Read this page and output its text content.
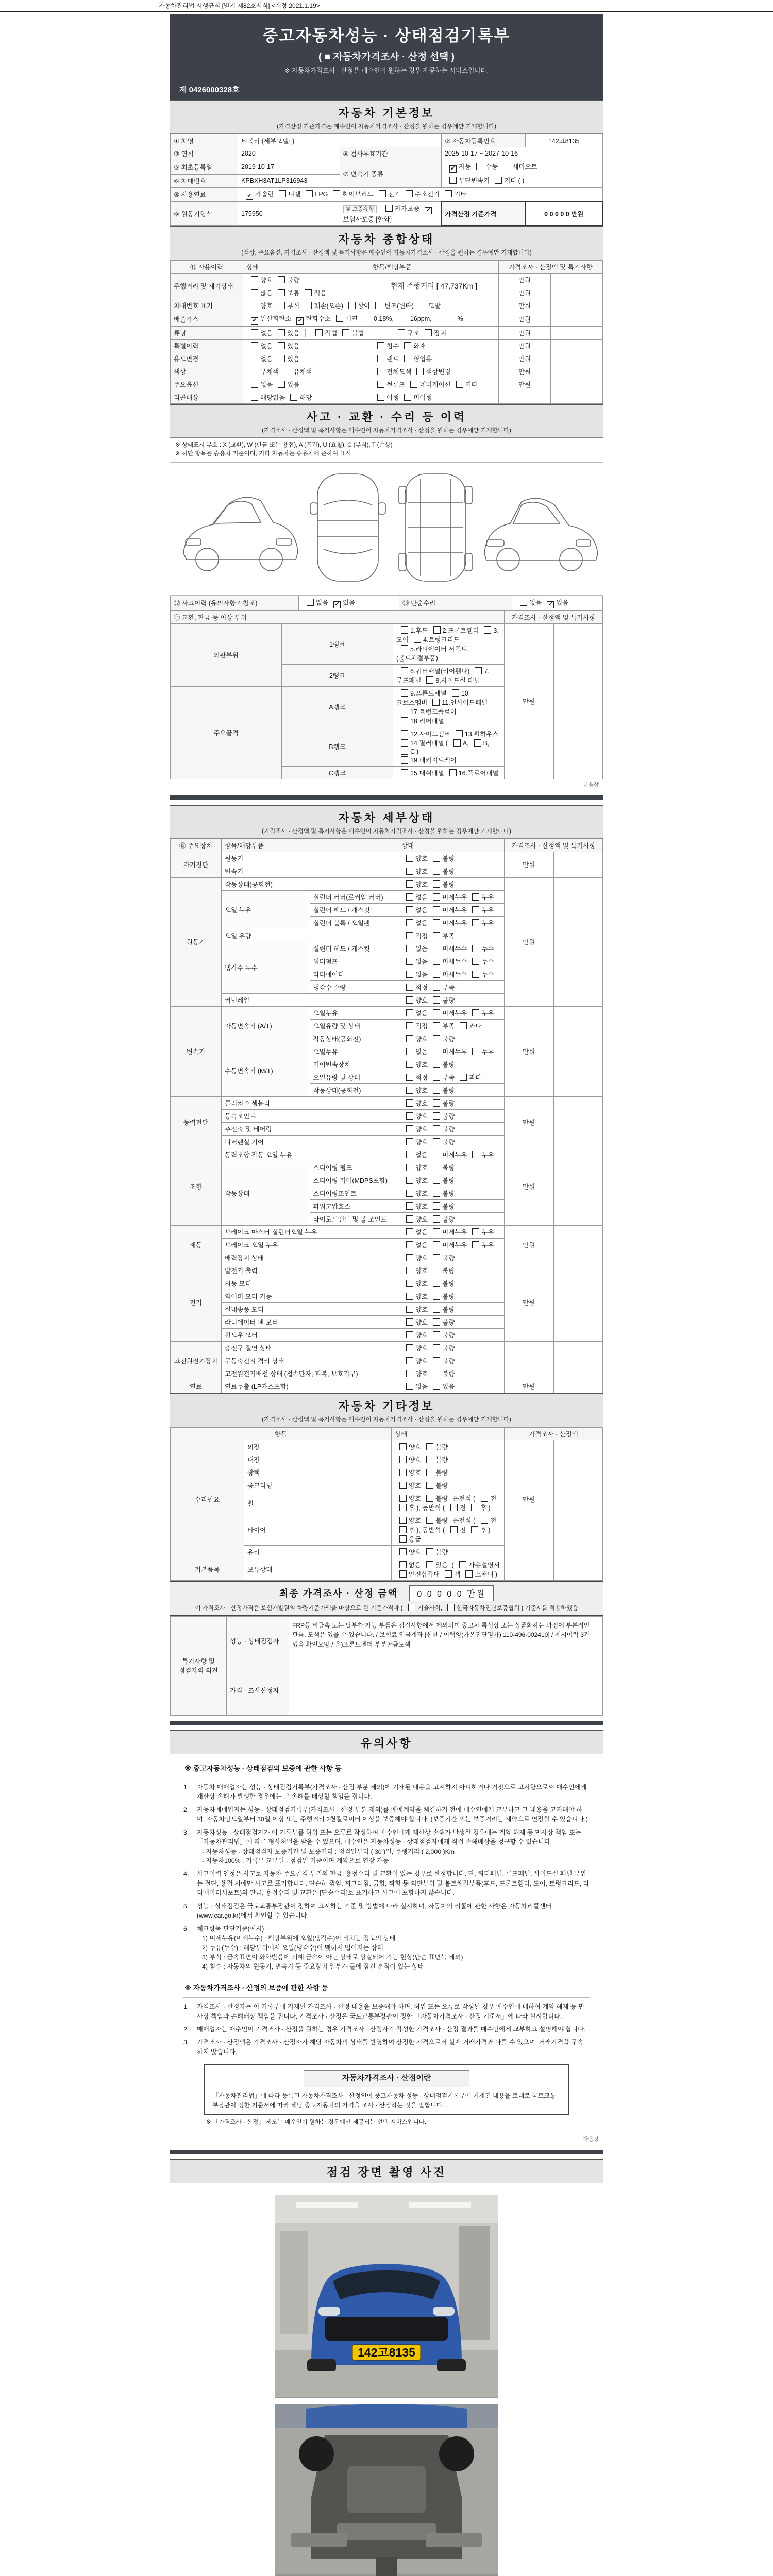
자동차관리법 시행규칙 [별지 제82호서식] <개정 2021.1.19>
중고자동차성능 · 상태점검기록부
( ■ 자동차가격조사 · 산정 선택 )
※ 자동차가격조사 · 산정은 매수인이 원하는 경우 제공하는 서비스입니다.
제 0426000328호
자동차 기본정보
(가격산정 기준가격은 매수인이 자동차가격조사 · 산정을 원하는 경우에만 기재합니다)
① 차명	티볼리 (세부모델: )		② 자동차등록번호	142고8135
③ 연식	2020	④ 검사유효기간	2025-10-17 ~ 2027-10-16	
⑤ 최초등록일	2019-10-17	⑦ 변속기 종류	✔ 자동 수동 세미오토	
⑥ 차대번호	KPBXH3AT1LP316943		무단변속기 기타 ( )	
⑧ 사용연료	✔ 가솔린 디젤 LPG 하이브리드 전기 수소전기 기타			
⑨ 원동기형식	175950	⑩ 보증유형 자가보증 ✔보험사보증 [한화]	가격산정 기준가격	0 0 0 0 0 만원
자동차 종합상태
(색상, 주요옵션, 가격조사 · 산정액 및 특기사항은 매수인이 자동차가격조사 · 산정을 원하는 경우에만 기재합니다)
⑪ 사용이력	상태	항목/해당부품	가격조사 · 산정액 및 특기사항	
주행거리 및 계기상태	양호 불량	현재 주행거리 [ 47,737Km ]	만원	
	많음 보통 적음		만원	
차대번호 표기	양호 부식 훼손(오손) 상이 변조(변타) 도말		만원	
배출가스	✔ 일산화탄소 ✔ 탄화수소 매연	0.18%, 16ppm, %	만원	
튜닝	없음 있음 적법 불법	구조 장치	만원	
특별이력	없음 있음	침수 화재	만원	
용도변경	없음 있음	렌트 영업용	만원	
색상	무채색 유채색	전체도색 색상변경	만원	
주요옵션	없음 있음	썬루프 네비게이션 기타	만원	
리콜대상	해당없음 해당	이행 미이행		
사고 · 교환 · 수리 등 이력
(가격조사 · 산정액 및 특기사항은 매수인이 자동차가격조사 · 산정을 원하는 경우에만 기재합니다)
※ 상태표시 부호 : X (교환), W (판금 또는 용접), A (흠집), U (요철), C (부식), T (손상)
※ 하단 항목은 승용차 기준이며, 기타 자동차는 승용차에 준하여 표시
⑫ 사고이력 (유의사항 4.참조)	없음 ✔ 있음	⑬ 단순수리	없음 ✔ 있음
⑭ 교환, 판금 등 이상 부위			가격조사 · 산정액 및 특기사항	
외판부위	1랭크	1.후드 2.프론트휀더 3.도어 4.트렁크리드
5.라디에이터 서포트(볼트체결부품)	만원	
	2랭크	6.쿼터패널(리어휀다) 7.루프패널 8.사이드실 패널		
주요골격	A랭크	9.프론트패널 10.크로스멤버 11.인사이드패널17.트렁크플로어
18.리어패널		
	B랭크	12.사이드멤버 13.휠하우스14.필러패널 ( A, B,C )
19.패키지트레이		
	C랭크	15.대쉬패널 16.플로어패널		
다음장
자동차 세부상태
(가격조사 · 산정액 및 특기사항은 매수인이 자동차가격조사 · 산정을 원하는 경우에만 기재합니다)
⑮ 주요장치	항목/해당부품		상태	가격조사 · 산정액 및 특기사항	
자기진단	원동기		양호 불량	만원	
	변속기		양호 불량		
원동기	작동상태(공회전)		양호 불량	만원	
	오일 누유	실린더 커버(로커암 커버)	없음 미세누유 누유		
		실린더 헤드 / 개스킷	없음 미세누유 누유		
		실린더 블록 / 오일팬	없음 미세누유 누유		
	오일 유량		적정 부족		
	냉각수 누수	실린더 헤드 / 개스킷	없음 미세누수 누수		
		워터펌프	없음 미세누수 누수		
		라디에이터	없음 미세누수 누수		
		냉각수 수량	적정 부족		
	커먼레일		양호 불량		
변속기	자동변속기 (A/T)	오일누유	없음 미세누유 누유	만원	
		오일유량 및 상태	적정 부족 과다		
		작동상태(공회전)	양호 불량		
	수동변속기 (M/T)	오일누유	없음 미세누유 누유		
		기어변속장치	양호 불량		
		오일유량 및 상태	적정 부족 과다		
		작동상태(공회전)	양호 불량		
동력전달	클러치 어셈블리		양호 불량	만원	
	등속조인트		양호 불량		
	추진축 및 베어링		양호 불량		
	디퍼렌셜 기어		양호 불량		
조향	동력조향 작동 오일 누유		없음 미세누유 누유	만원	
	작동상태	스티어링 펌프	양호 불량		
		스티어링 기어(MDPS포함)	양호 불량		
		스티어링조인트	양호 불량		
		파워고압호스	양호 불량		
		타이로드엔드 및 볼 조인트	양호 불량		
제동	브레이크 마스터 실린더오일 누유		없음 미세누유 누유	만원	
	브레이크 오일 누유		없음 미세누유 누유		
	배력장치 상태		양호 불량		
전기	발전기 출력		양호 불량	만원	
	시동 모터		양호 불량		
	와이퍼 모터 기능		양호 불량		
	실내송풍 모터		양호 불량		
	라디에이터 팬 모터		양호 불량		
	윈도우 모터		양호 불량		
고전원전기장치	충전구 절연 상태		양호 불량		
	구동축전지 격리 상태		양호 불량		
	고전원전기배선 상태 (접속단자, 피복, 보호기구)		양호 불량		
연료	연료누출 (LP가스포함)		없음 있음	만원	
자동차 기타정보
(가격조사 · 산정액 및 특기사항은 매수인이 자동차가격조사 · 산정을 원하는 경우에만 기재합니다)
항목		상태	가격조사 · 산정액	
수리필요	외장	양호 불량	만원	
	내장	양호 불량		
	광택	양호 불량		
	룸크리닝	양호 불량		
	휠	양호 불량 운전석 ( 전후 ), 동반석 ( 전 후 )		
	타이어	양호 불량 운전석 ( 전후 ), 동반석 ( 전 후 )응급		
	유리	양호 불량		
기본품목	보유상태	없음 있음 ( 사용설명서안전삼각대 잭 스패너 )		
최종 가격조사 · 산정 금액 0 0 0 0 0 만원
이 가격조사 · 산정가격은 보험개발원의 차량기준가액을 바탕으로 한 기준가격과 (	기술사회, 한국자동차진단보증협회 ) 기준서를 적용하였음
특기사항 및 점검자의 의견	성능 · 상태점검자	FRP등 비금속 또는 탈부착 가능 부품은 점검사항에서 제외되며 중고차 특성상 또는 상품화하는 과정에 부분적인 판금, 도색은 있을 수 있습니다. / 보험료 입금계좌 [신한 / 이택영(가온진단평가) 110-496-002410] / 제시이력 3건 있음 확인요망 / 운)프론트펜더 부분판금도색
	가격 · 조사산정자	
유의사항
※ 중고자동차성능 · 상태점검의 보증에 관한 사항 등
1.	자동차 매매업자는 성능 · 상태점검기록부(가격조사 · 산정 부분 제외)에 기재된 내용을 고지하지 아니하거나 거짓으로 고지함으로써 매수인에게 재산상 손해가 발생한 경우에는 그 손해를 배상할 책임을 집니다.
2.	자동차매매업자는 성능 · 상태점검기록부(가격조사 · 산정 부분 제외)를 매매계약을 체결하기 전에 매수인에게 교부하고 그 내용을 고지해야 하며, 자동차인도일부터 30일 이상 또는 주행거리 2천킬로미터 이상을 보증해야 합니다. (보증기간 또는 보증거리는 계약으로 연장할 수 있습니다.)
3.	자동차성능 · 상태점검자가 이 기록부를 허위 또는 오류로 작성하여 매수인에게 재산상 손해가 발생한 경우에는 계약 해제 등 민사상 책임 또는 「자동차관리법」에 따른 형사처벌을 받을 수 있으며, 매수인은 자동차성능 · 상태점검자에게 직접 손해배상을 청구할 수 있습니다.
- 자동차성능 · 상태점검자 보증기간 및 보증거리 : 점검일부터 ( 30 )일, 주행거리 ( 2,000 )Km
- 자동차100% : 기록부 교부일 · 점검일 기준이며 계약으로 연장 가능
4.	사고이력 인정은 사고로 자동차 주요골격 부위의 판금, 용접수리 및 교환이 있는 경우로 한정합니다. 단, 쿼터패널, 루프패널, 사이드실 패널 부위는 절단, 용접 시에만 사고로 표기합니다. 단순히 꺾임, 찌그러짐, 긁힘, 찍힘 등 외판부위 및 볼트체결부품(후드, 프론트휀더, 도어, 트렁크리드, 라디에이터서포트)의 판금, 용접수리 및 교환은 [단순수리]로 표기하고 사고에 포함하지 않습니다.
5.	성능 · 상태점검은 국토교통부장관이 정하여 고시하는 기준 및 방법에 따라 실시하며, 자동차의 리콜에 관한 사항은 자동차리콜센터(www.car.go.kr)에서 확인할 수 있습니다.
6.	체크항목 판단기준(예시)
1) 미세누유(미세누수) : 해당부위에 오일(냉각수)이 비치는 정도의 상태
2) 누유(누수) : 해당부위에서 오일(냉각수)이 맺혀서 떨어지는 상태
3) 부식 : 금속표면이 화학반응에 의해 금속이 아닌 상태로 상실되어 가는 현상(단순 표면녹 제외)
4) 침수 : 자동차의 원동기, 변속기 등 주요장치 일부가 물에 잠긴 흔적이 있는 상태
※ 자동차가격조사 · 산정의 보증에 관한 사항 등
1.	가격조사 · 산정자는 이 기록부에 기재된 가격조사 · 산정 내용을 보증해야 하며, 허위 또는 오류로 작성된 경우 매수인에 대하여 계약 해제 등 민사상 책임과 손해배상 책임을 집니다. 가격조사 · 산정은 국토교통부장관이 정한 「자동차가격조사 · 산정 기준서」에 따라 실시합니다.
2.	매매업자는 매수인이 가격조사 · 산정을 원하는 경우 가격조사 · 산정자가 작성한 가격조사 · 산정 결과를 매수인에게 교부하고 설명해야 합니다.
3.	가격조사 · 산정액은 가격조사 · 산정자가 해당 자동차의 상태를 반영하여 산정한 가격으로서 실제 거래가격과 다를 수 있으며, 거래가격을 구속하지 않습니다.
자동차가격조사 · 산정이란
「자동차관리법」에 따라 등록된 자동차가격조사 · 산정인이 중고자동차 성능 · 상태점검기록부에 기재된 내용을 토대로 국토교통부장관이 정한 기준서에 따라 해당 중고자동차의 가격을 조사 · 산정하는 것을 말합니다.
※ 「가격조사 · 산정」 제도는 매수인이 원하는 경우에만 제공되는 선택 서비스입니다.
다음장
점검 장면 촬영 사진
142고8135
